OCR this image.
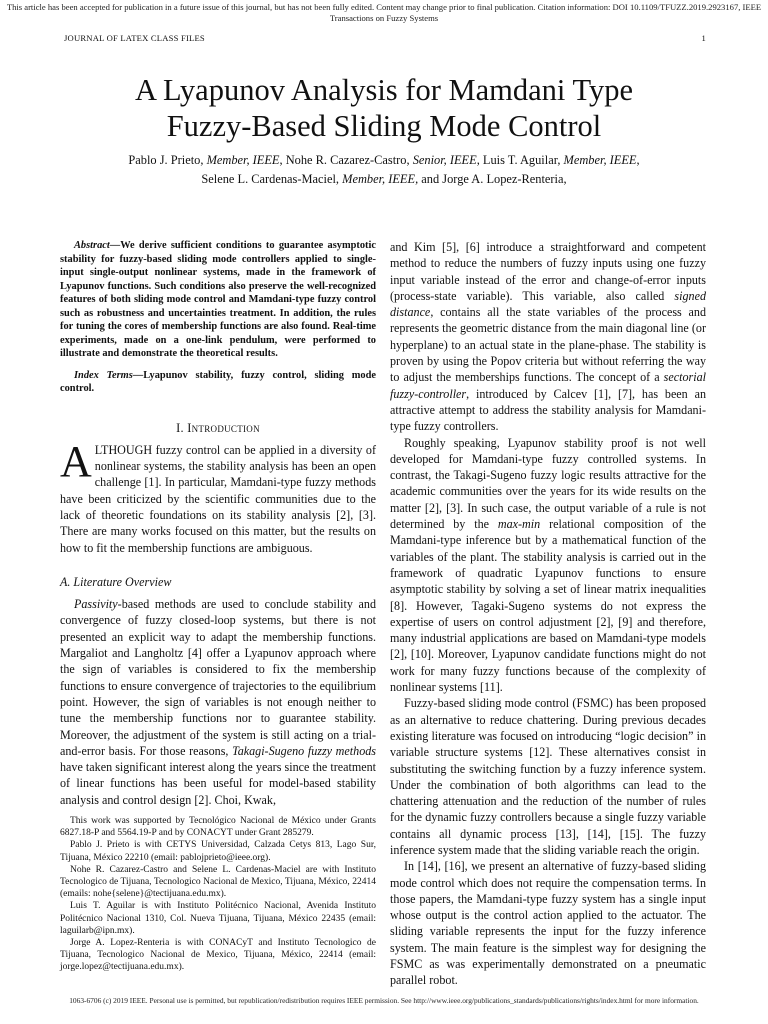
This article has been accepted for publication in a future issue of this journal, but has not been fully edited. Content may change prior to final publication. Citation information: DOI 10.1109/TFUZZ.2019.2923167, IEEE
Transactions on Fuzzy Systems
JOURNAL OF LATEX CLASS FILES	1
A Lyapunov Analysis for Mamdani Type
Fuzzy-Based Sliding Mode Control
Pablo J. Prieto, Member, IEEE, Nohe R. Cazarez-Castro, Senior, IEEE, Luis T. Aguilar, Member, IEEE,
Selene L. Cardenas-Maciel, Member, IEEE, and Jorge A. Lopez-Renteria,

Abstract—We derive sufficient conditions to guarantee asymptotic stability for fuzzy-based sliding mode controllers applied to single-input single-output nonlinear systems, made in the framework of Lyapunov functions. Such conditions also preserve the well-recognized features of both sliding mode control and Mamdani-type fuzzy control such as robustness and uncertainties treatment. In addition, the rules for tuning the cores of membership functions are also found. Real-time experiments, made on a one-link pendulum, were performed to illustrate and demonstrate the theoretical results.

Index Terms—Lyapunov stability, fuzzy control, sliding mode control.

I. Introduction

ALTHOUGH fuzzy control can be applied in a diversity of nonlinear systems, the stability analysis has been an open challenge [1]. In particular, Mamdani-type fuzzy methods have been criticized by the scientific communities due to the lack of theoretic foundations on its stability analysis [2], [3]. There are many works focused on this matter, but the results on how to fit the membership functions are ambiguous.

A. Literature Overview

Passivity-based methods are used to conclude stability and convergence of fuzzy closed-loop systems, but there is not presented an explicit way to adapt the membership functions. Margaliot and Langholtz [4] offer a Lyapunov approach where the sign of variables is considered to fix the membership functions to ensure convergence of trajectories to the equilibrium point. However, the sign of variables is not enough neither to tune the membership functions nor to guarantee stability. Moreover, the adjustment of the system is still acting on a trial-and-error basis. For those reasons, Takagi-Sugeno fuzzy methods have taken significant interest along the years since the treatment of linear functions has been useful for model-based stability analysis and control design [2]. Choi, Kwak,

This work was supported by Tecnológico Nacional de México under Grants 6827.18-P and 5564.19-P and by CONACYT under Grant 285279.

Pablo J. Prieto is with CETYS Universidad, Calzada Cetys 813, Lago Sur, Tijuana, México 22210 (email: pablojprieto@ieee.org).

Nohe R. Cazarez-Castro and Selene L. Cardenas-Maciel are with Instituto Tecnologico de Tijuana, Tecnologico Nacional de Mexico, Tijuana, México, 22414 (emails: nohe{selene}@tectijuana.edu.mx).

Luis T. Aguilar is with Instituto Politécnico Nacional, Avenida Instituto Politécnico Nacional 1310, Col. Nueva Tijuana, Tijuana, México 22435 (email: laguilarb@ipn.mx).

Jorge A. Lopez-Renteria is with CONACyT and Instituto Tecnologico de Tijuana, Tecnologico Nacional de Mexico, Tijuana, México, 22414 (email: jorge.lopez@tectijuana.edu.mx).

and Kim [5], [6] introduce a straightforward and competent method to reduce the numbers of fuzzy inputs using one fuzzy input variable instead of the error and change-of-error inputs (process-state variable). This variable, also called signed distance, contains all the state variables of the process and represents the geometric distance from the main diagonal line (or hyperplane) to an actual state in the plane-phase. The stability is proven by using the Popov criteria but without referring the way to adjust the memberships functions. The concept of a sectorial fuzzy-controller, introduced by Calcev [1], [7], has been an attractive attempt to address the stability analysis for Mamdani-type fuzzy controllers.

Roughly speaking, Lyapunov stability proof is not well developed for Mamdani-type fuzzy controlled systems. In contrast, the Takagi-Sugeno fuzzy logic results attractive for the academic communities over the years for its wide results on the matter [2], [3]. In such case, the output variable of a rule is not determined by the max-min relational composition of the Mamdani-type inference but by a mathematical function of the variables of the plant. The stability analysis is carried out in the framework of quadratic Lyapunov functions to ensure asymptotic stability by solving a set of linear matrix inequalities [8]. However, Tagaki-Sugeno systems do not express the expertise of users on control adjustment [2], [9] and therefore, many industrial applications are based on Mamdani-type models [2], [10]. Moreover, Lyapunov candidate functions might do not work for many fuzzy functions because of the complexity of nonlinear systems [11].

Fuzzy-based sliding mode control (FSMC) has been proposed as an alternative to reduce chattering. During previous decades existing literature was focused on introducing “logic decision” in variable structure systems [12]. These alternatives consist in substituting the switching function by a fuzzy inference system. Under the combination of both algorithms can lead to the chattering attenuation and the reduction of the number of rules for the dynamic fuzzy controllers because a single fuzzy variable contains all dynamic process [13], [14], [15]. The fuzzy inference system made that the sliding variable reach the origin.

In [14], [16], we present an alternative of fuzzy-based sliding mode control which does not require the compensation terms. In those papers, the Mamdani-type fuzzy system has a single input whose output is the control action applied to the actuator. The sliding variable represents the input for the fuzzy inference system. The main feature is the simplest way for designing the FSMC as was experimentally demonstrated on a pneumatic parallel robot.

1063-6706 (c) 2019 IEEE. Personal use is permitted, but republication/redistribution requires IEEE permission. See http://www.ieee.org/publications_standards/publications/rights/index.html for more information.
